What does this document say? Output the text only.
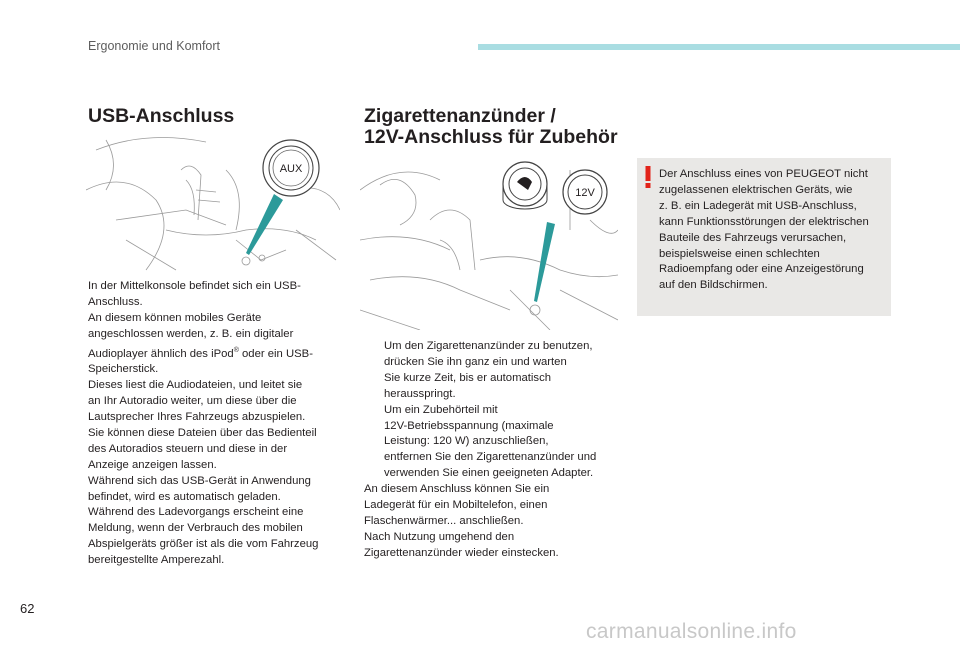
Ergonomie und Komfort
USB-Anschluss
AUX
In der Mittelkonsole befindet sich ein USB-
Anschluss.
An diesem können mobiles Geräte
angeschlossen werden, z. B. ein digitaler
Audioplayer ähnlich des iPod® oder ein USB-
Speicherstick.
Dieses liest die Audiodateien, und leitet sie
an Ihr Autoradio weiter, um diese über die
Lautsprecher Ihres Fahrzeugs abzuspielen.
Sie können diese Dateien über das Bedienteil
des Autoradios steuern und diese in der
Anzeige anzeigen lassen.
Während sich das USB-Gerät in Anwendung
befindet, wird es automatisch geladen.
Während des Ladevorgangs erscheint eine
Meldung, wenn der Verbrauch des mobilen
Abspielgeräts größer ist als die vom Fahrzeug
bereitgestellte Amperezahl.
Zigarettenanzünder /
12V-Anschluss für Zubehör
12V
Um den Zigarettenanzünder zu benutzen,
drücken Sie ihn ganz ein und warten
Sie kurze Zeit, bis er automatisch
herausspringt.
Um ein Zubehörteil mit
12V-Betriebsspannung (maximale
Leistung: 120 W) anzuschließen,
entfernen Sie den Zigarettenanzünder und
verwenden Sie einen geeigneten Adapter.
An diesem Anschluss können Sie ein
Ladegerät für ein Mobiltelefon, einen
Flaschenwärmer... anschließen.
Nach Nutzung umgehend den
Zigarettenanzünder wieder einstecken.
Der Anschluss eines von PEUGEOT nicht
zugelassenen elektrischen Geräts, wie
z. B. ein Ladegerät mit USB-Anschluss,
kann Funktionsstörungen der elektrischen
Bauteile des Fahrzeugs verursachen,
beispielsweise einen schlechten
Radioempfang oder eine Anzeigestörung
auf den Bildschirmen.
62
carmanualsonline.info
